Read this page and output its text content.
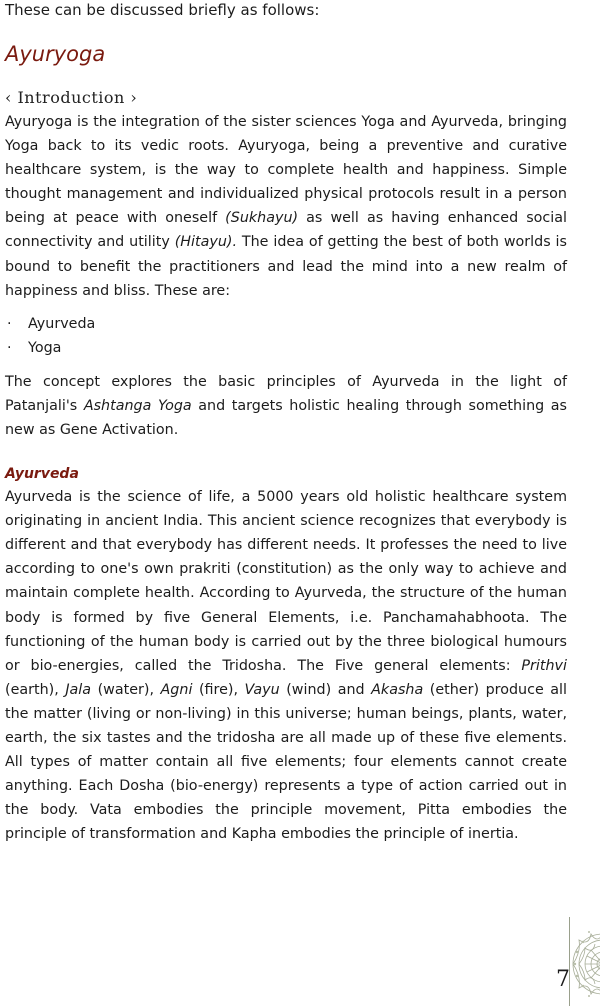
These can be discussed briefly as follows:

Ayuryoga
‹ Introduction ›

Ayuryoga is the integration of the sister sciences Yoga and Ayurveda, bringing Yoga back to its vedic roots. Ayuryoga, being a preventive and curative healthcare system, is the way to complete health and happiness. Simple thought management and individualized physical protocols result in a person being at peace with oneself (Sukhayu) as well as having enhanced social connectivity and utility (Hitayu). The idea of getting the best of both worlds is bound to benefit the practitioners and lead the mind into a new realm of happiness and bliss. These are:

· Ayurveda
· Yoga

The concept explores the basic principles of Ayurveda in the light of Patanjali's Ashtanga Yoga and targets holistic healing through something as new as Gene Activation.

Ayurveda

Ayurveda is the science of life, a 5000 years old holistic healthcare system originating in ancient India. This ancient science recognizes that everybody is different and that everybody has different needs. It professes the need to live according to one's own prakriti (constitution) as the only way to achieve and maintain complete health. According to Ayurveda, the structure of the human body is formed by five General Elements, i.e. Panchamahabhoota. The functioning of the human body is carried out by the three biological humours or bio-energies, called the Tridosha. The Five general elements: Prithvi (earth), Jala (water), Agni (fire), Vayu (wind) and Akasha (ether) produce all the matter (living or non-living) in this universe; human beings, plants, water, earth, the six tastes and the tridosha are all made up of these five elements. All types of matter contain all five elements; four elements cannot create anything. Each Dosha (bio-energy) represents a type of action carried out in the body. Vata embodies the principle movement, Pitta embodies the principle of transformation and Kapha embodies the principle of inertia.

7
